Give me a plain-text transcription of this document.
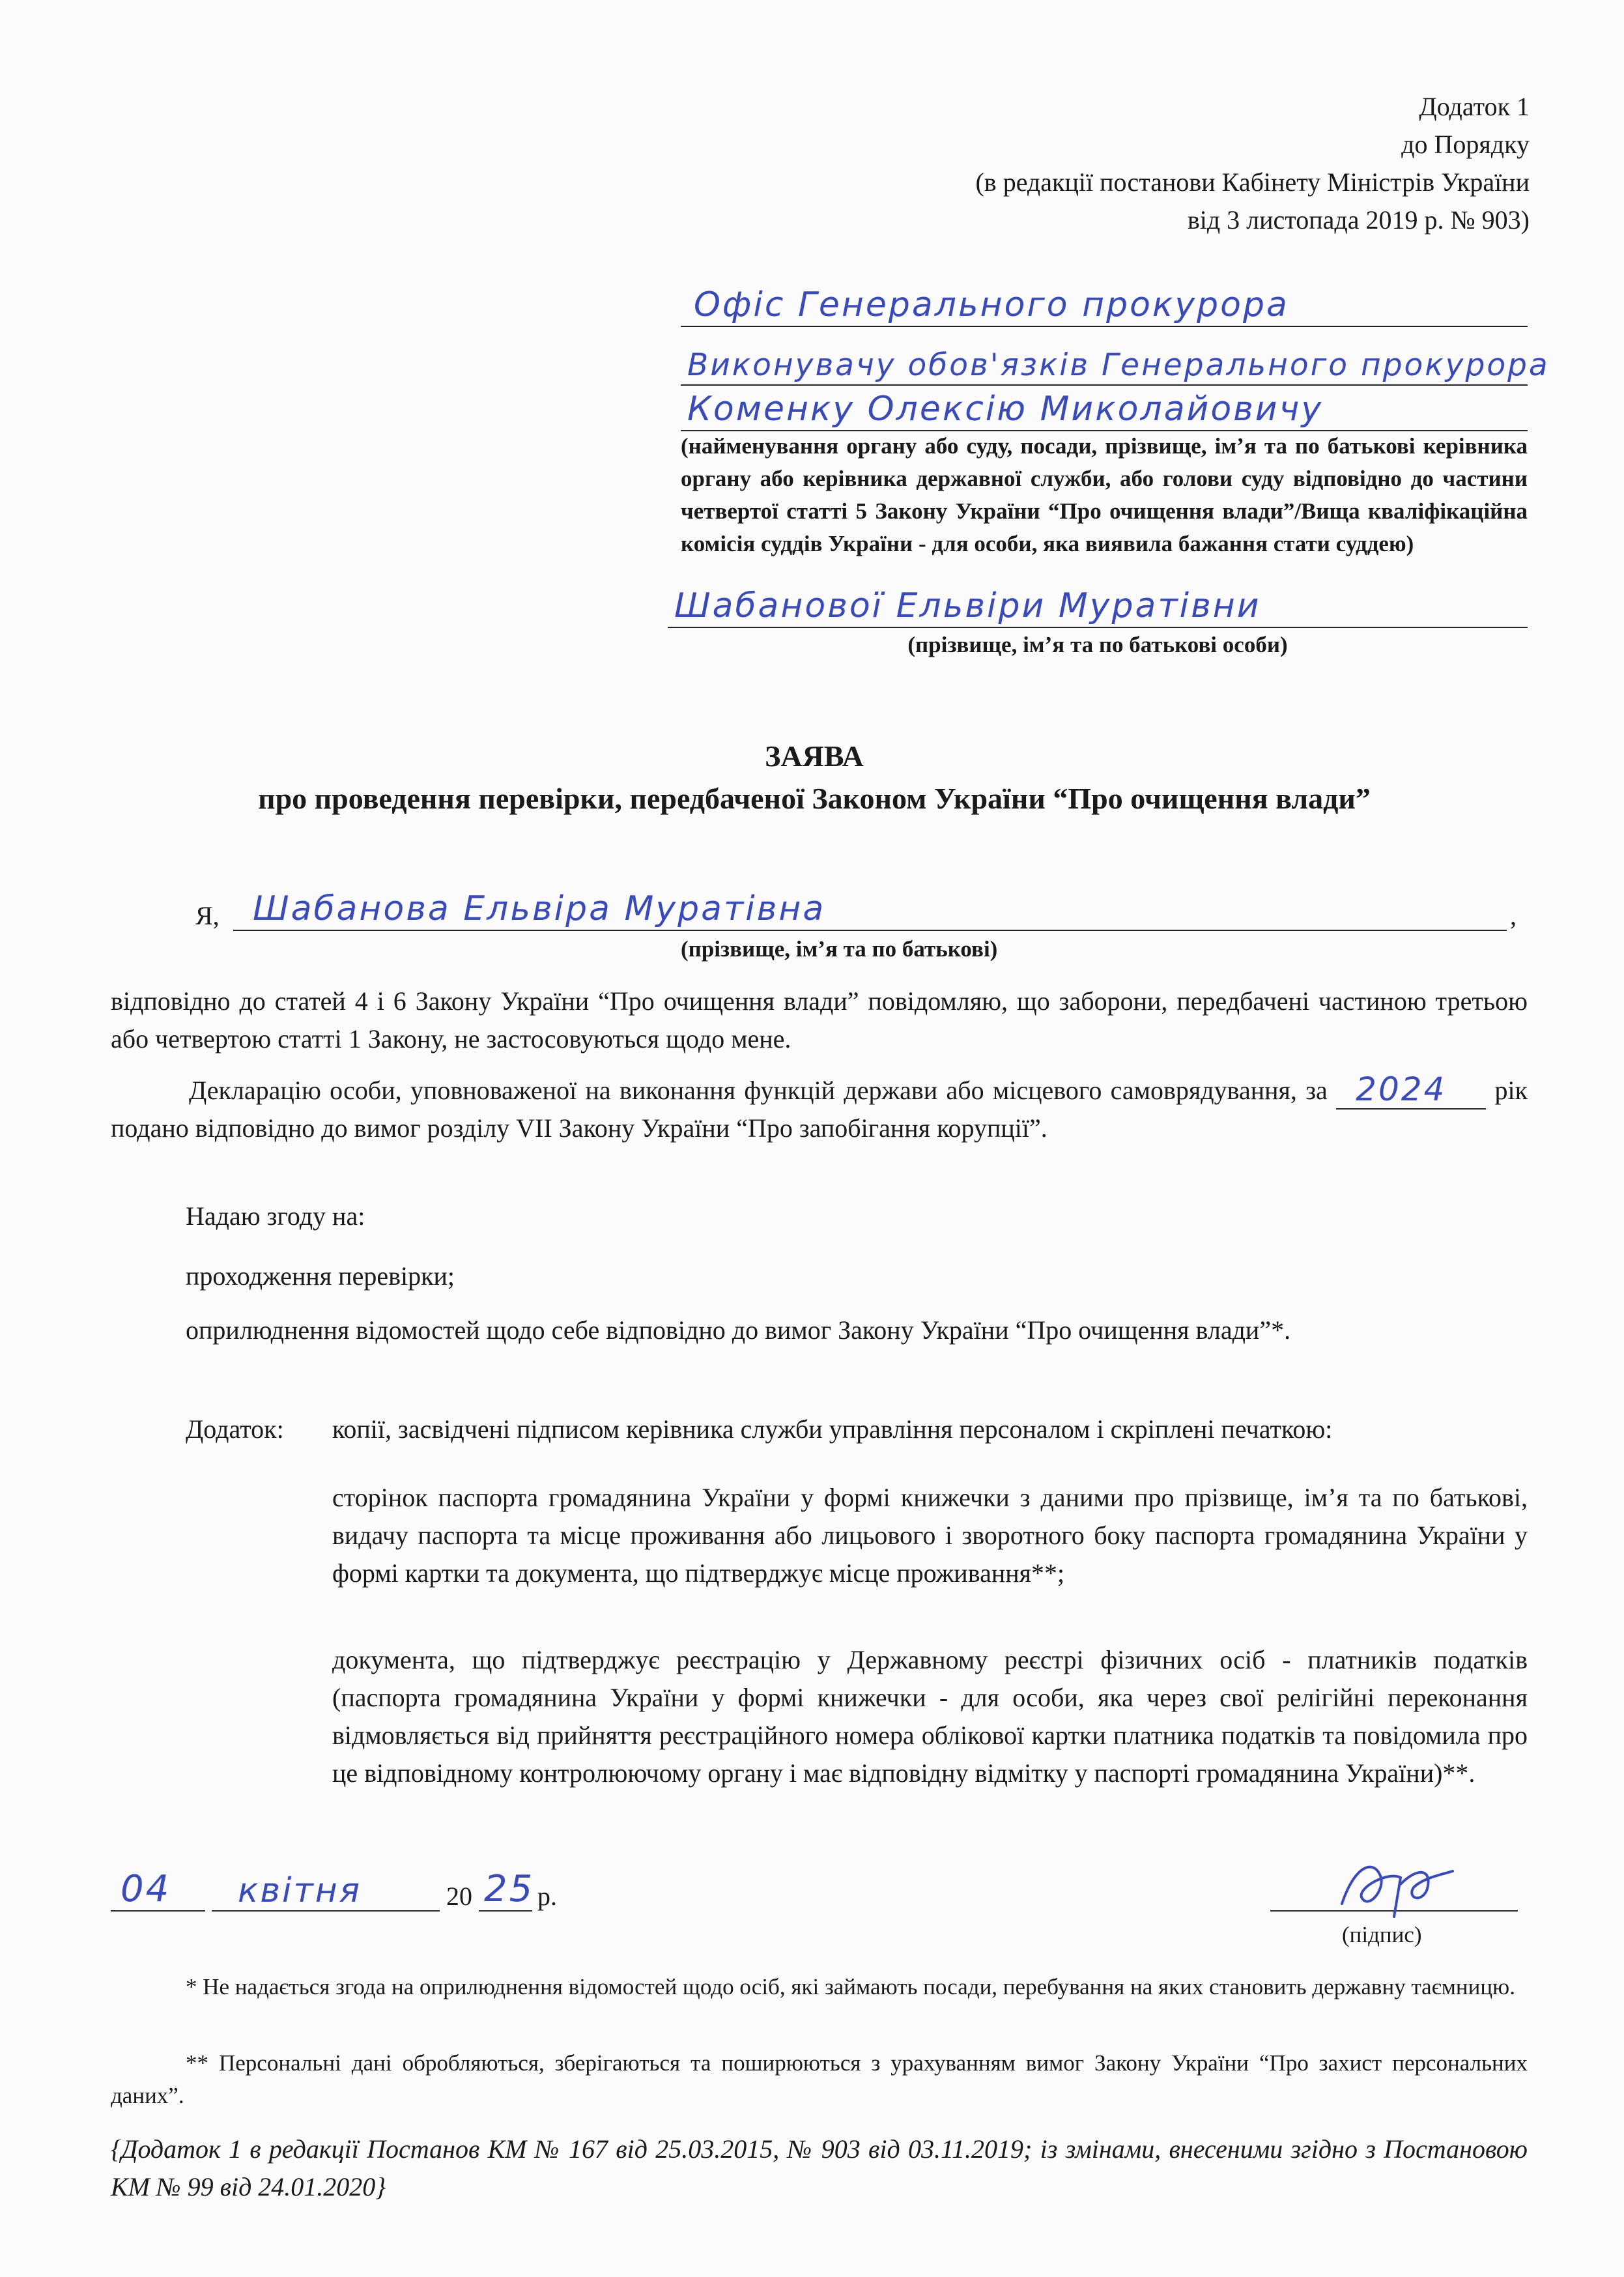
Додаток 1
до Порядку
(в редакції постанови Кабінету Міністрів України
від 3 листопада 2019 р. № 903)
Офіс Генерального прокурора
Виконувачу обов'язків Генерального прокурора
Коменку Олексію Миколайовичу
(найменування органу або суду, посади, прізвище, ім’я та по батькові керівника органу або керівника державної служби, або голови суду відповідно до частини четвертої статті 5 Закону України “Про очищення влади”/Вища кваліфікаційна комісія суддів України - для особи, яка виявила бажання стати суддею)
Шабанової Ельвіри Муратівни
(прізвище, ім’я та по батькові особи)
ЗАЯВА
про проведення перевірки, передбаченої Законом України “Про очищення влади”
Я, Шабанова Ельвіра Муратівна	,
(прізвище, ім’я та по батькові)
відповідно до статей 4 і 6 Закону України “Про очищення влади” повідомляю, що заборони, передбачені частиною третьою або четвертою статті 1 Закону, не застосовуються щодо мене.
Декларацію особи, уповноваженої на виконання функцій держави або місцевого самоврядування, за 2024 рік подано відповідно до вимог розділу VII Закону України “Про запобігання корупції”.
Надаю згоду на:
проходження перевірки;
оприлюднення відомостей щодо себе відповідно до вимог Закону України “Про очищення влади”*.
Додаток: копії, засвідчені підписом керівника служби управління персоналом і скріплені печаткою:
сторінок паспорта громадянина України у формі книжечки з даними про прізвище, ім’я та по батькові, видачу паспорта та місце проживання або лицьового і зворотного боку паспорта громадянина України у формі картки та документа, що підтверджує місце проживання**;
документа, що підтверджує реєстрацію у Державному реєстрі фізичних осіб - платників податків (паспорта громадянина України у формі книжечки - для особи, яка через свої релігійні переконання відмовляється від прийняття реєстраційного номера облікової картки платника податків та повідомила про це відповідному контролюючому органу і має відповідну відмітку у паспорті громадянина України)**.
04 квітня	20 25 р.
(підпис)
* Не надається згода на оприлюднення відомостей щодо осіб, які займають посади, перебування на яких становить державну таємницю.
** Персональні дані обробляються, зберігаються та поширюються з урахуванням вимог Закону України “Про захист персональних даних”.
{Додаток 1 в редакції Постанов КМ № 167 від 25.03.2015, № 903 від 03.11.2019; із змінами, внесеними згідно з Постановою КМ № 99 від 24.01.2020}
